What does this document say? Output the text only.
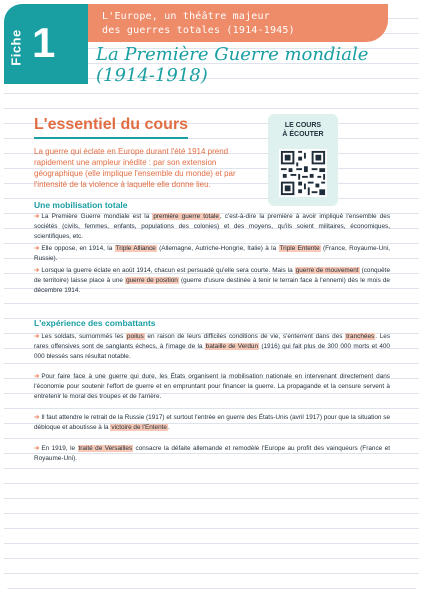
Fiche 1
L'Europe, un théâtre majeur
des guerres totales (1914-1945)
La Première Guerre mondiale
(1914-1918)
L'essentiel du cours	LE COURS
À ÉCOUTER
La guerre qui éclate en Europe durant l'été 1914 prend rapidement une ampleur inédite : par son extension géographique (elle implique l'ensemble du monde) et par l'intensité de la violence à laquelle elle donne lieu.
Une mobilisation totale
➔ La Première Guerre mondiale est la première guerre totale, c'est-à-dire la première à avoir impliqué l'ensemble des sociétés (civils, femmes, enfants, populations des colonies) et des moyens, qu'ils soient militaires, économiques, scientifiques, etc.
➔ Elle oppose, en 1914, la Triple Alliance (Allemagne, Autriche-Hongrie, Italie) à la Triple Entente (France, Royaume-Uni, Russie).
➔ Lorsque la guerre éclate en août 1914, chacun est persuadé qu'elle sera courte. Mais la guerre de mouvement (conquête de territoire) laisse place à une guerre de position (guerre d'usure destinée à tenir le terrain face à l'ennemi) dès le mois de décembre 1914.
L'expérience des combattants
➔ Les soldats, surnommés les poilus en raison de leurs difficiles conditions de vie, s'enterrent dans des tranchées. Les rares offensives sont de sanglants échecs, à l'image de la bataille de Verdun (1916) qui fait plus de 300 000 morts et 400 000 blessés sans résultat notable.
➔ Pour faire face à une guerre qui dure, les États organisent la mobilisation nationale en intervenant directement dans l'économie pour soutenir l'effort de guerre et en empruntant pour financer la guerre. La propagande et la censure servent à entretenir le moral des troupes et de l'arrière.
➔ Il faut attendre le retrait de la Russie (1917) et surtout l'entrée en guerre des États-Unis (avril 1917) pour que la situation se débloque et aboutisse à la victoire de l'Entente.
➔ En 1919, le traité de Versailles consacre la défaite allemande et remodèle l'Europe au profit des vainqueurs (France et Royaume-Uni).
